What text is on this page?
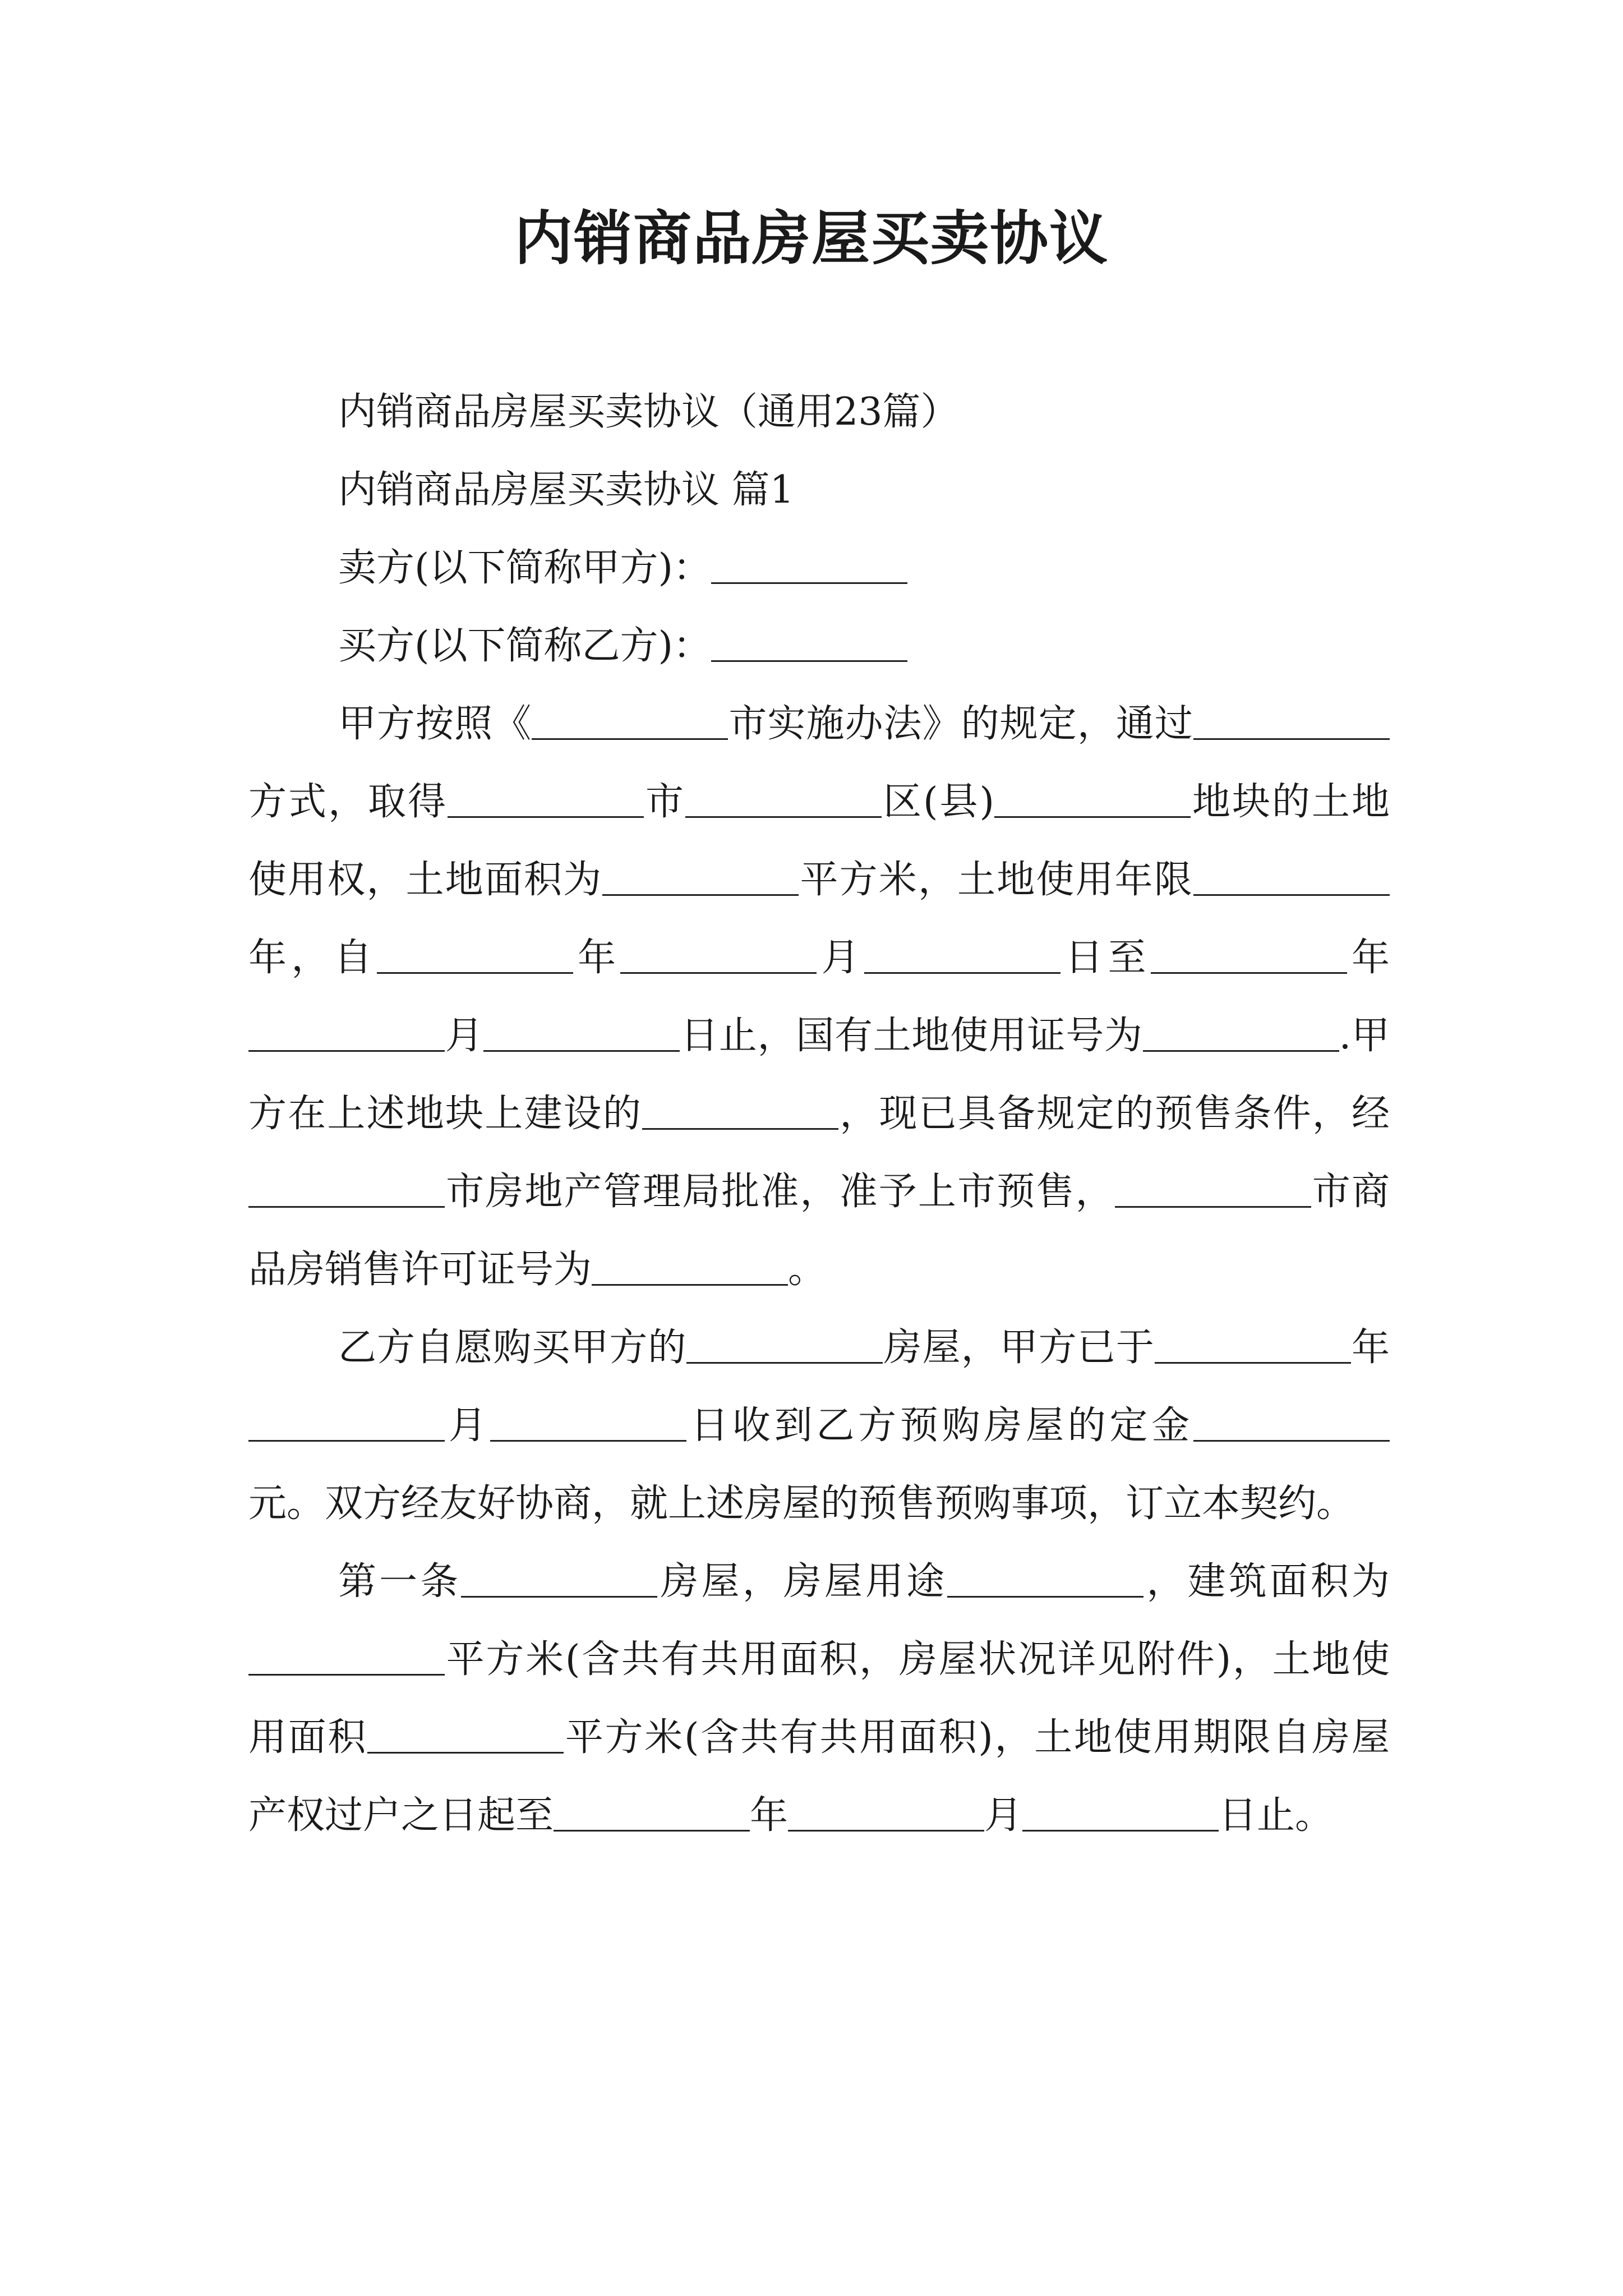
内销商品房屋买卖协议

内销商品房屋买卖协议（通用23篇）

内销商品房屋买卖协议 篇1

卖方(以下简称甲方)：

买方(以下简称乙方)：

甲方按照《	市实施办法》的规定，通过方式，取得	市	区(县)	地块的土地使用权，土地面积为	平方米，土地使用年限年，自	年	月	日至	年月	日止，国有土地使用证号为	.甲方在上述地块上建设的	，现已具备规定的预售条件，经市房地产管理局批准，准予上市预售，	市商品房销售许可证号为	。

乙方自愿购买甲方的	房屋，甲方已于	年月	日收到乙方预购房屋的定金元。双方经友好协商，就上述房屋的预售预购事项，订立本契约。

第一条	房屋，房屋用途	，建筑面积为平方米(含共有共用面积，房屋状况详见附件)，土地使用面积	平方米(含共有共用面积)，土地使用期限自房屋产权过户之日起至	年	月	日止。
